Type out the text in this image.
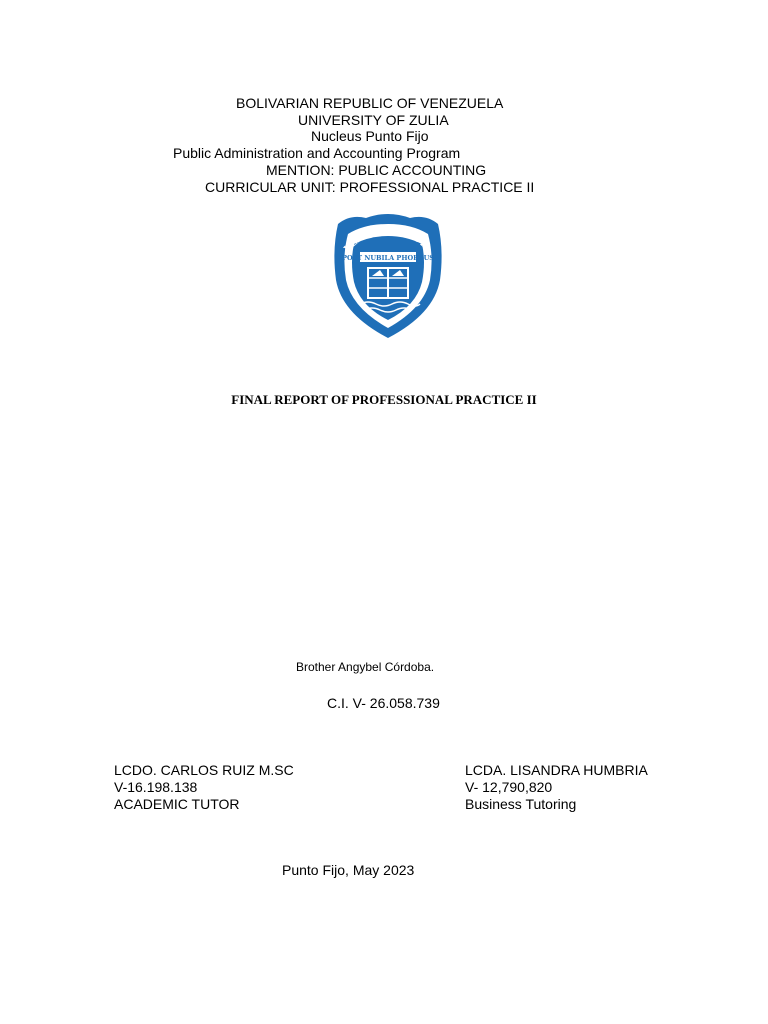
BOLIVARIAN REPUBLIC OF VENEZUELA
UNIVERSITY OF ZULIA
Nucleus Punto Fijo
Public Administration and Accounting Program
MENTION: PUBLIC ACCOUNTING
CURRICULAR UNIT: PROFESSIONAL PRACTICE II
VERSIDAD DEL Z
POST NUBILA PHOEBUS
FINAL REPORT OF PROFESSIONAL PRACTICE II
Brother Angybel Córdoba.
C.I. V- 26.058.739
LCDO. CARLOS RUIZ M.SC
V-16.198.138
ACADEMIC TUTOR
LCDA. LISANDRA HUMBRIA
V- 12,790,820
Business Tutoring
Punto Fijo, May 2023
